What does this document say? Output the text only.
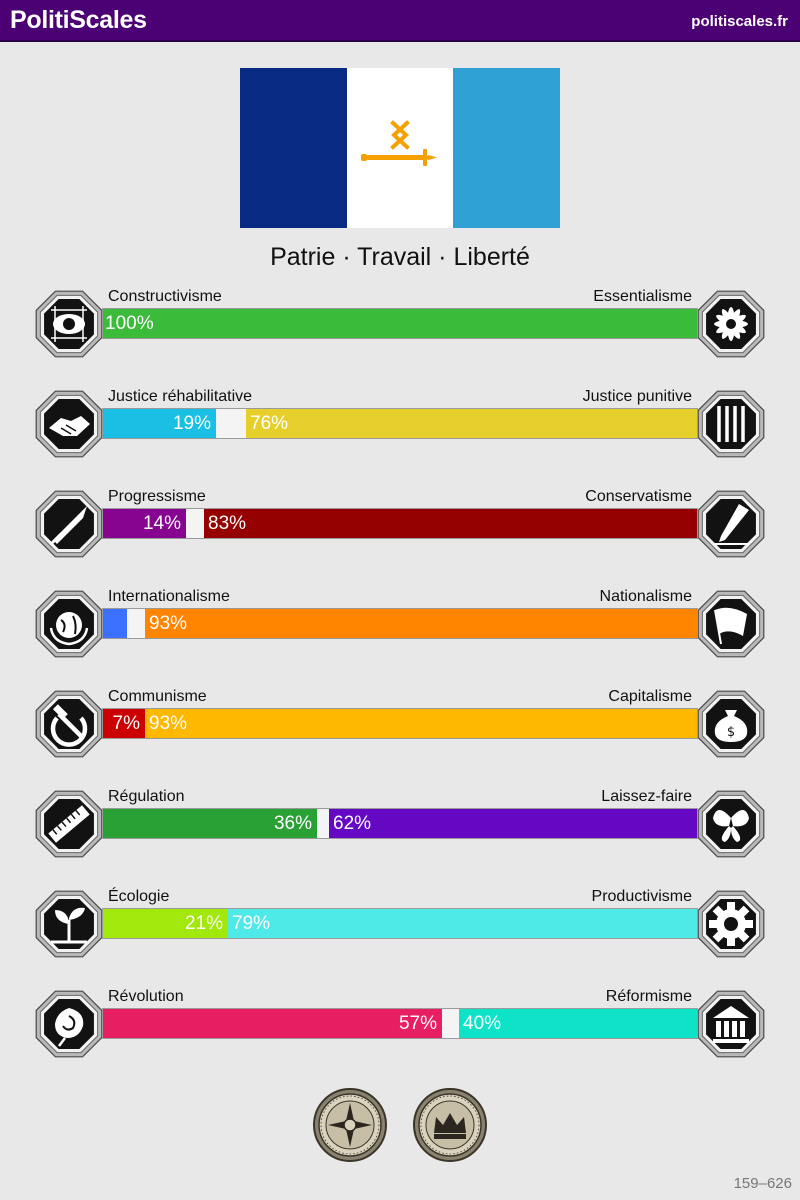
PolitiScales	politiscales.fr
Patrie · Travail · Liberté
Constructivisme	Essentialisme
100%
Justice réhabilitative	Justice punitive
19% 76%
Progressisme	Conservatisme
14% 83%
Internationalisme	Nationalisme
93%
$
Communisme	Capitalisme
7% 93%
Régulation	Laissez-faire
36% 62%
Écologie	Productivisme
21% 79%
Révolution	Réformisme
57% 40%
159–626
